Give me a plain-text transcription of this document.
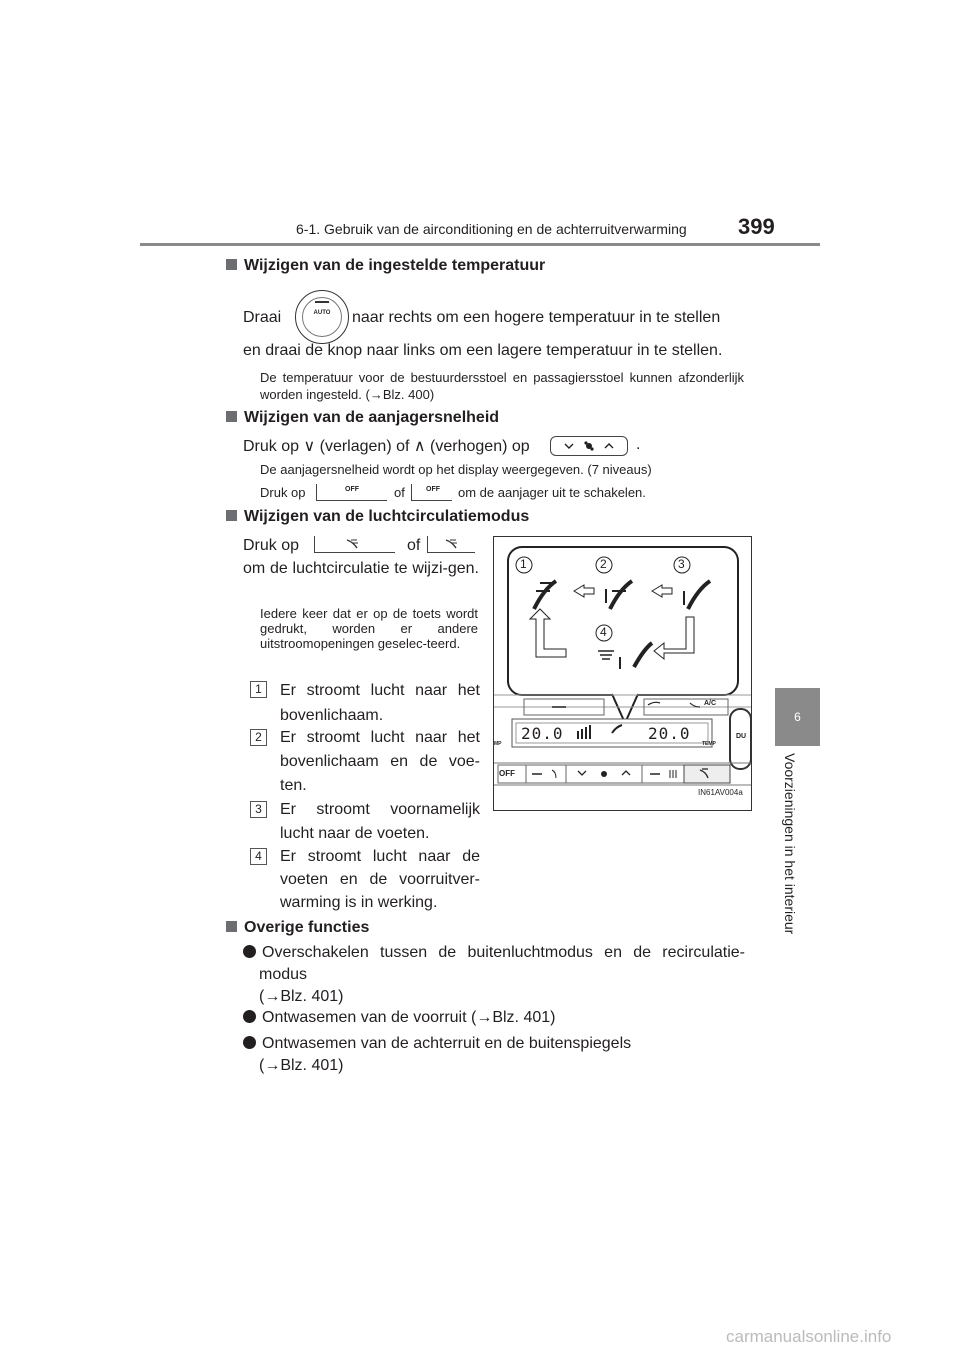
6-1. Gebruik van de airconditioning en de achterruitverwarming 399
6
Voorzieningen in het interieur
Wijzigen van de ingestelde temperatuur
Draai	AUTO	naar rechts om een hogere temperatuur in te stellen
en draai de knop naar links om een lagere temperatuur in te stellen.
De temperatuur voor de bestuurdersstoel en passagiersstoel kunnen afzonderlijk worden ingesteld. (→Blz. 400)
Wijzigen van de aanjagersnelheid
Druk op ∨ (verlagen) of ∧ (verhogen) op	.
De aanjagersnelheid wordt op het display weergegeven. (7 niveaus)
Druk op	OFF	of	OFF om de aanjager uit te schakelen.
Wijzigen van de luchtcirculatiemodus
Druk op	of
om de luchtcirculatie te wijzi-gen.
Iedere keer dat er op de toets wordt gedrukt, worden er andere uitstroomopeningen geselec-teerd.
1	Er stroomt lucht naar het bovenlichaam.
2	Er stroomt lucht naar het bovenlichaam en de voe-ten.
3	Er stroomt voornamelijk lucht naar de voeten.
4	Er stroomt lucht naar de voeten en de voorruitver-warming is in werking.
1	2	3
4
20.0	20.0
A/C
TEMP
MP
OFF
DU
IN61AV004a
Overige functies
Overschakelen tussen de buitenluchtmodus en de recirculatie-
modus
(→Blz. 401)
Ontwasemen van de voorruit (→Blz. 401)
Ontwasemen van de achterruit en de buitenspiegels
(→Blz. 401)
carmanualsonline.info
